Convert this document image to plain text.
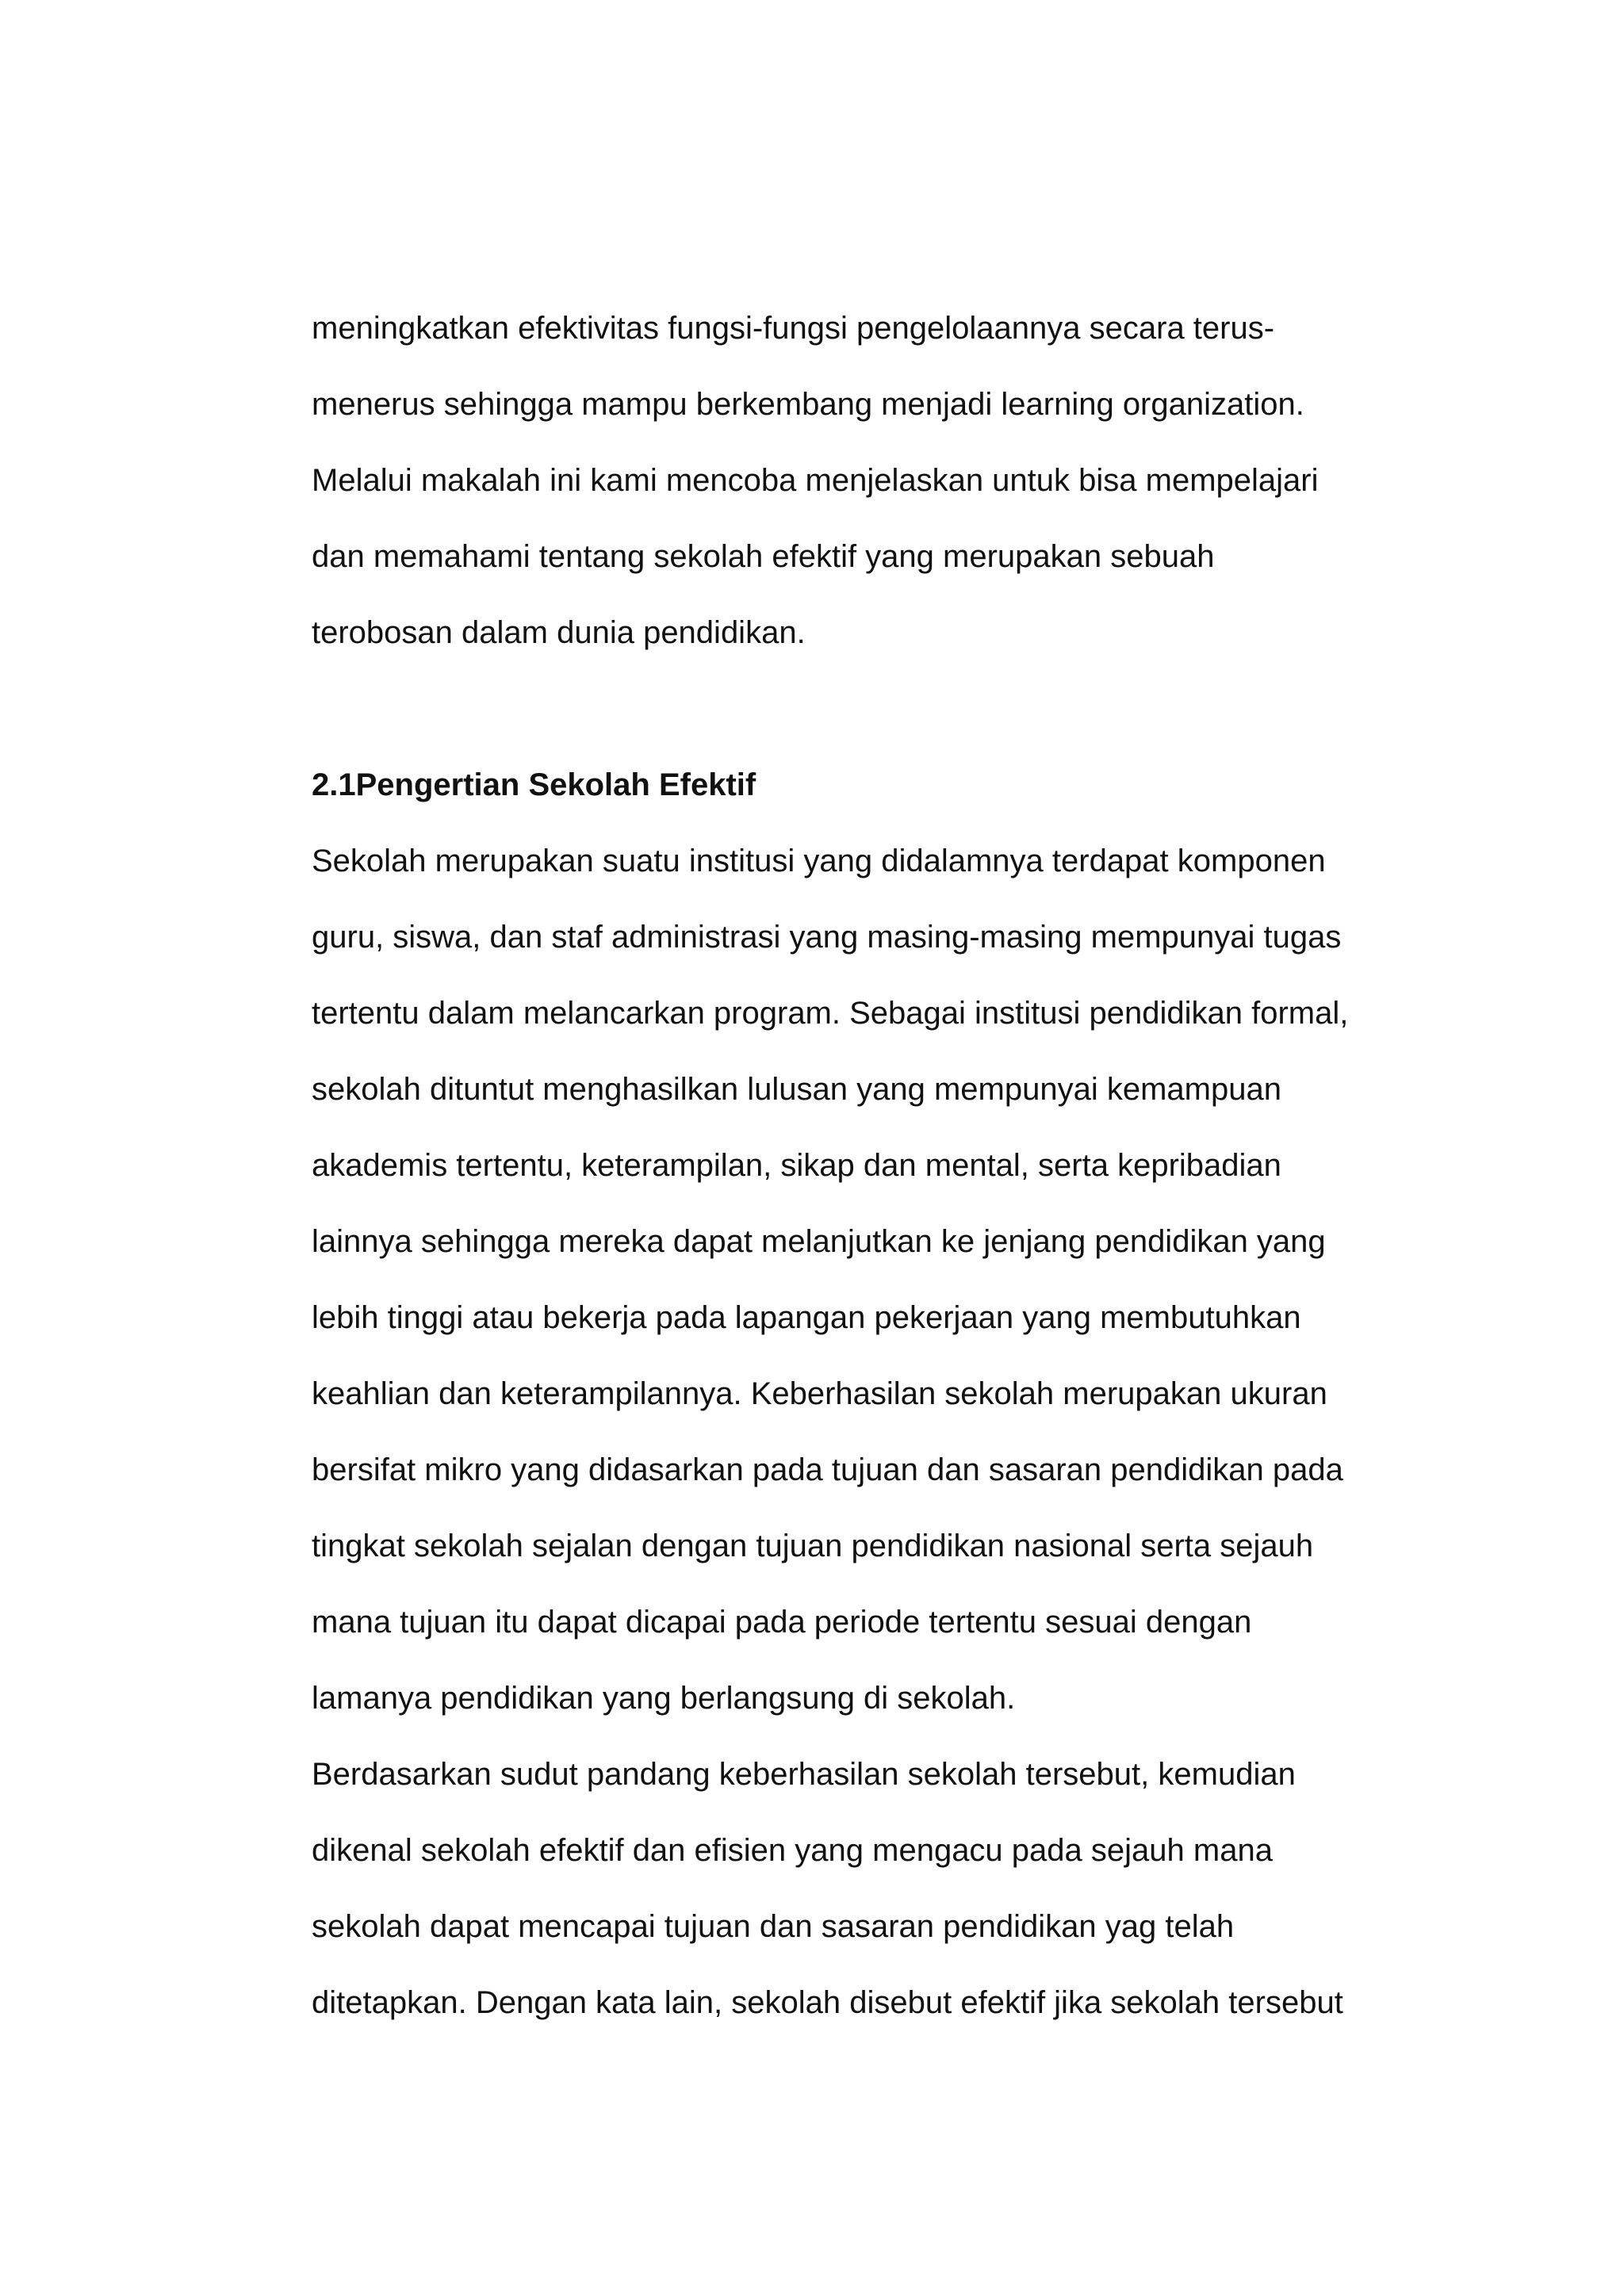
meningkatkan efektivitas fungsi-fungsi pengelolaannya secara terus-
menerus sehingga mampu berkembang menjadi learning organization.
Melalui makalah ini kami mencoba menjelaskan untuk bisa mempelajari
dan memahami tentang sekolah efektif yang merupakan sebuah
terobosan dalam dunia pendidikan.
2.1Pengertian Sekolah Efektif
Sekolah merupakan suatu institusi yang didalamnya terdapat komponen
guru, siswa, dan staf administrasi yang masing-masing mempunyai tugas
tertentu dalam melancarkan program. Sebagai institusi pendidikan formal,
sekolah dituntut menghasilkan lulusan yang mempunyai kemampuan
akademis tertentu, keterampilan, sikap dan mental, serta kepribadian
lainnya sehingga mereka dapat melanjutkan ke jenjang pendidikan yang
lebih tinggi atau bekerja pada lapangan pekerjaan yang membutuhkan
keahlian dan keterampilannya. Keberhasilan sekolah merupakan ukuran
bersifat mikro yang didasarkan pada tujuan dan sasaran pendidikan pada
tingkat sekolah sejalan dengan tujuan pendidikan nasional serta sejauh
mana tujuan itu dapat dicapai pada periode tertentu sesuai dengan
lamanya pendidikan yang berlangsung di sekolah.
Berdasarkan sudut pandang keberhasilan sekolah tersebut, kemudian
dikenal sekolah efektif dan efisien yang mengacu pada sejauh mana
sekolah dapat mencapai tujuan dan sasaran pendidikan yag telah
ditetapkan. Dengan kata lain, sekolah disebut efektif jika sekolah tersebut
